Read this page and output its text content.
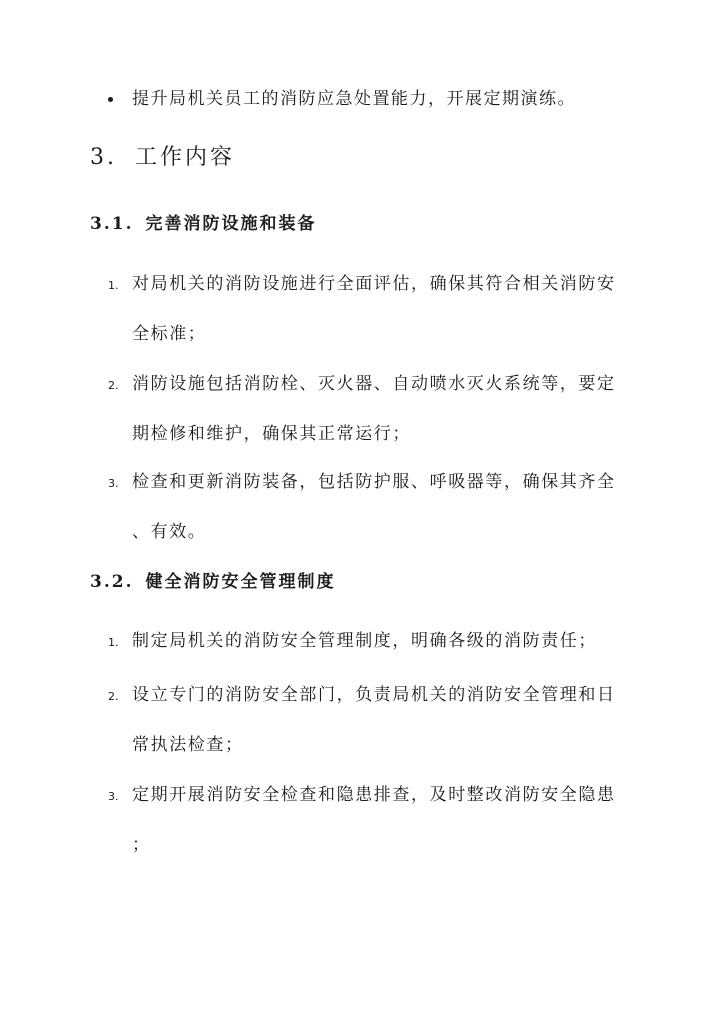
提升局机关员工的消防应急处置能力，开展定期演练。
3. 工作内容
3.1. 完善消防设施和装备
1. 对局机关的消防设施进行全面评估，确保其符合相关消防安
全标准；
2. 消防设施包括消防栓、灭火器、自动喷水灭火系统等，要定
期检修和维护，确保其正常运行；
3. 检查和更新消防装备，包括防护服、呼吸器等，确保其齐全
、有效。
3.2. 健全消防安全管理制度
1. 制定局机关的消防安全管理制度，明确各级的消防责任；
2. 设立专门的消防安全部门，负责局机关的消防安全管理和日
常执法检查；
3. 定期开展消防安全检查和隐患排查，及时整改消防安全隐患
；
